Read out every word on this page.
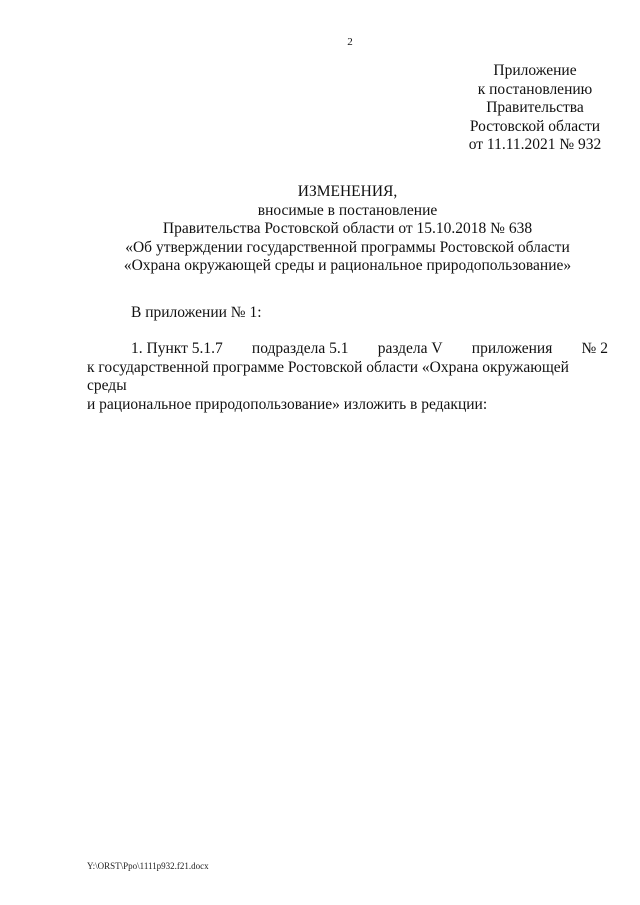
2
Приложение
к постановлению
Правительства
Ростовской области
от 11.11.2021 № 932
ИЗМЕНЕНИЯ,
вносимые в постановление
Правительства Ростовской области от 15.10.2018 № 638
«Об утверждении государственной программы Ростовской области
«Охрана окружающей среды и рациональное природопользование»
В приложении № 1:
1. Пункт 5.1.7 подраздела 5.1 раздела V приложения № 2
к государственной программе Ростовской области «Охрана окружающей среды
и рациональное природопользование» изложить в редакции:
Y:\ORST\Ppo\1111p932.f21.docx
